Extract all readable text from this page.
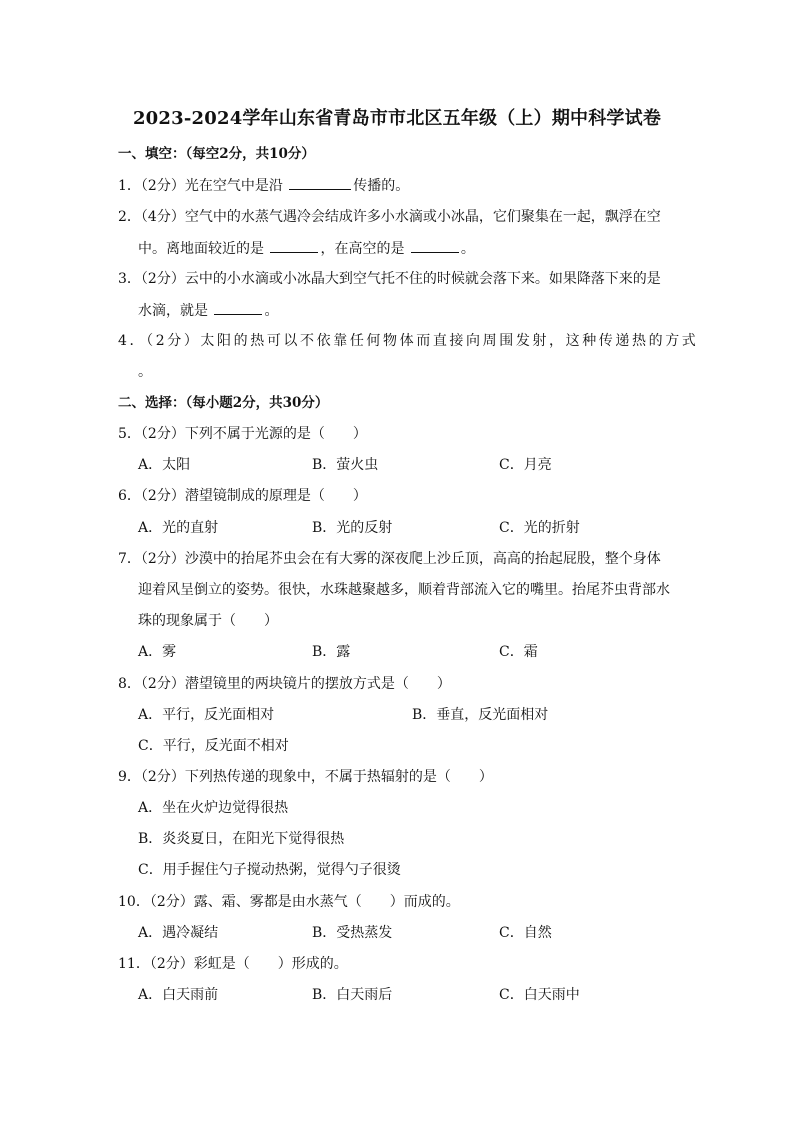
2023-2024学年山东省青岛市市北区五年级（上）期中科学试卷
一、填空：（每空2分，共10分）
1．（2分）光在空气中是沿	传播的。
2．（4分）空气中的水蒸气遇冷会结成许多小水滴或小冰晶，它们聚集在一起，飘浮在空
中。离地面较近的是	，在高空的是	。
3．（2分）云中的小水滴或小冰晶大到空气托不住的时候就会落下来。如果降落下来的是
水滴，就是	。
4．（2分）太阳的热可以不依靠任何物体而直接向周围发射，这种传递热的方式
。
二、选择：（每小题2分，共30分）
5．（2分）下列不属于光源的是（　　）
A．太阳	B．萤火虫	C．月亮
6．（2分）潜望镜制成的原理是（　　）
A．光的直射	B．光的反射	C．光的折射
7．（2分）沙漠中的抬尾芥虫会在有大雾的深夜爬上沙丘顶，高高的抬起屁股，整个身体
迎着风呈倒立的姿势。很快，水珠越聚越多，顺着背部流入它的嘴里。抬尾芥虫背部水
珠的现象属于（　　）
A．雾	B．露	C．霜
8．（2分）潜望镜里的两块镜片的摆放方式是（　　）
A．平行，反光面相对	B．垂直，反光面相对
C．平行，反光面不相对
9．（2分）下列热传递的现象中，不属于热辐射的是（　　）
A．坐在火炉边觉得很热
B．炎炎夏日，在阳光下觉得很热
C．用手握住勺子搅动热粥，觉得勺子很烫
10．（2分）露、霜、雾都是由水蒸气（　　）而成的。
A．遇冷凝结	B．受热蒸发	C．自然
11．（2分）彩虹是（　　）形成的。
A．白天雨前	B．白天雨后	C．白天雨中
